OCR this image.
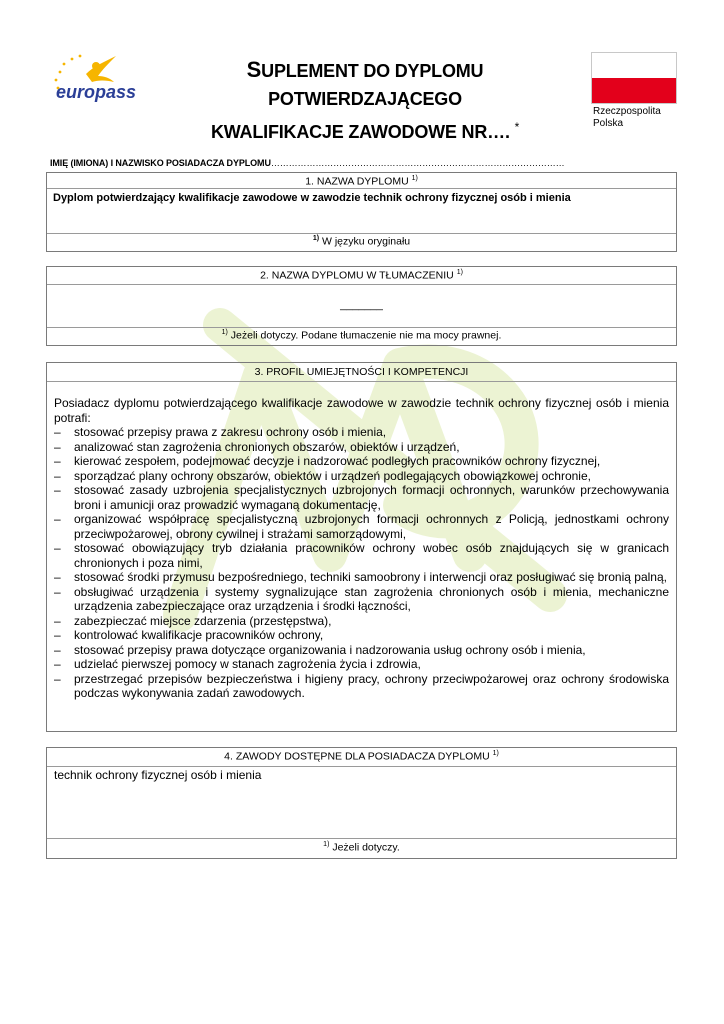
europass
SUPLEMENT DO DYPLOMU POTWIERDZAJĄCEGO
KWALIFIKACJE ZAWODOWE NR…. *
Rzeczpospolita
Polska
IMIĘ (IMIONA) I NAZWISKO POSIADACZA DYPLOMU………………………………………………………………………………………
1. NAZWA DYPLOMU $^{1)}$
Dyplom potwierdzający kwalifikacje zawodowe w zawodzie technik ochrony fizycznej osób i mienia
$^{1)}$ W języku oryginału
2. NAZWA DYPLOMU W TŁUMACZENIU $^{1)}$
_______
$^{1)}$ Jeżeli dotyczy. Podane tłumaczenie nie ma mocy prawnej.
3. PROFIL UMIEJĘTNOŚCI I KOMPETENCJI
Posiadacz dyplomu potwierdzającego kwalifikacje zawodowe w zawodzie technik ochrony fizycznej osób i mienia potrafi:
– stosować przepisy prawa z zakresu ochrony osób i mienia,
– analizować stan zagrożenia chronionych obszarów, obiektów i urządzeń,
– kierować zespołem, podejmować decyzje i nadzorować podległych pracowników ochrony fizycznej,
– sporządzać plany ochrony obszarów, obiektów i urządzeń podlegających obowiązkowej ochronie,
– stosować zasady uzbrojenia specjalistycznych uzbrojonych formacji ochronnych, warunków przechowywania broni i amunicji oraz prowadzić wymaganą dokumentację,
– organizować współpracę specjalistyczną uzbrojonych formacji ochronnych z Policją, jednostkami ochrony przeciwpożarowej, obrony cywilnej i strażami samorządowymi,
– stosować obowiązujący tryb działania pracowników ochrony wobec osób znajdujących się w granicach chronionych i poza nimi,
– stosować środki przymusu bezpośredniego, techniki samoobrony i interwencji oraz posługiwać się bronią palną,
– obsługiwać urządzenia i systemy sygnalizujące stan zagrożenia chronionych osób i mienia, mechaniczne urządzenia zabezpieczające oraz urządzenia i środki łączności,
– zabezpieczać miejsce zdarzenia (przestępstwa),
– kontrolować kwalifikacje pracowników ochrony,
– stosować przepisy prawa dotyczące organizowania i nadzorowania usług ochrony osób i mienia,
– udzielać pierwszej pomocy w stanach zagrożenia życia i zdrowia,
– przestrzegać przepisów bezpieczeństwa i higieny pracy, ochrony przeciwpożarowej oraz ochrony środowiska podczas wykonywania zadań zawodowych.
4. ZAWODY DOSTĘPNE DLA POSIADACZA DYPLOMU $^{1)}$
technik ochrony fizycznej osób i mienia
$^{1)}$ Jeżeli dotyczy.
